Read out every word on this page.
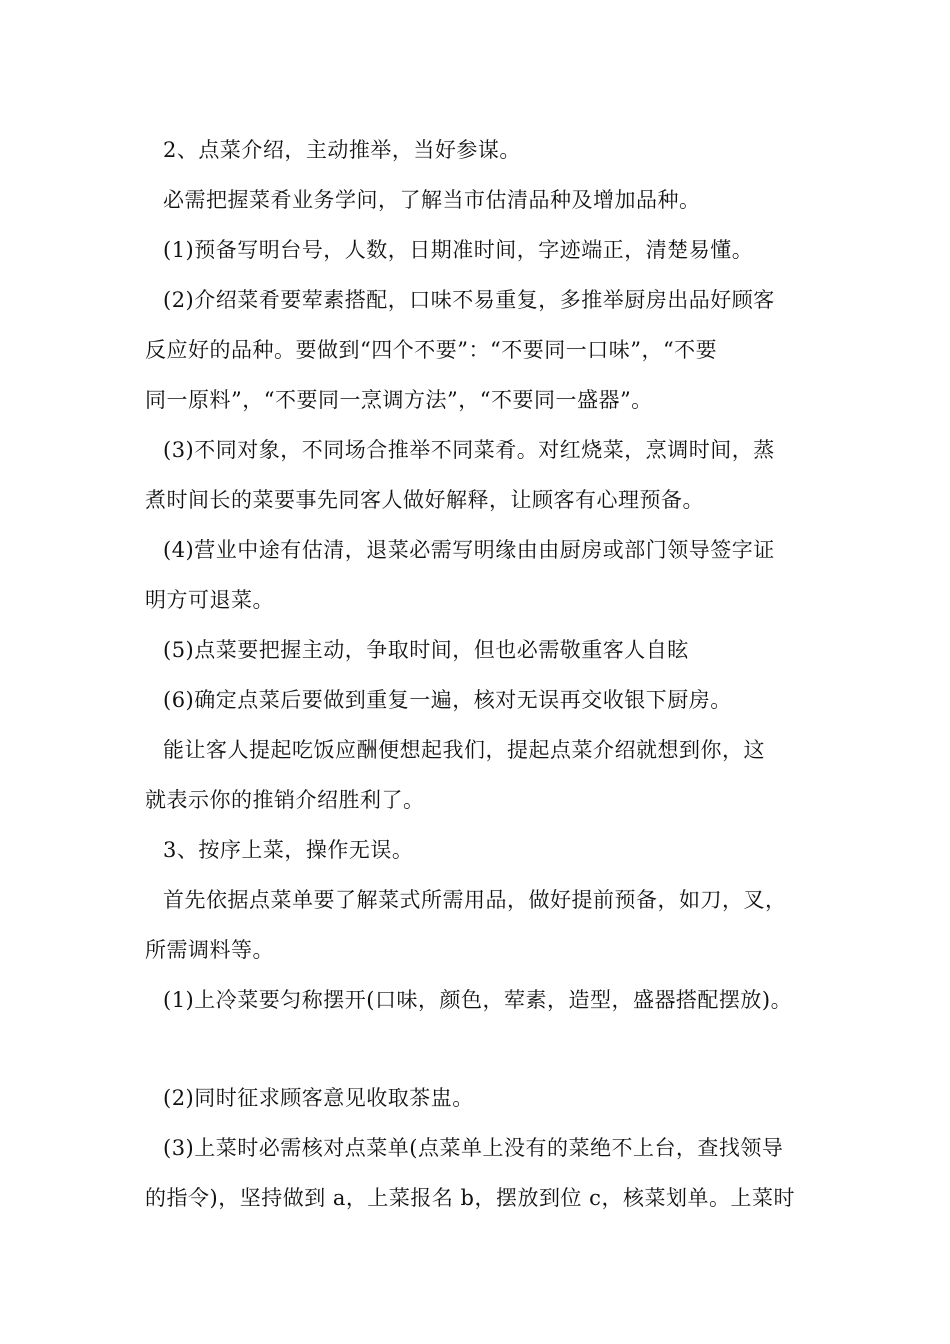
2、点菜介绍，主动推举，当好参谋。
必需把握菜肴业务学问，了解当市估清品种及增加品种。
(1)预备写明台号，人数，日期准时间，字迹端正，清楚易懂。
(2)介绍菜肴要荤素搭配，口味不易重复，多推举厨房出品好顾客
反应好的品种。要做到“四个不要”：“不要同一口味”，“不要
同一原料”，“不要同一烹调方法”，“不要同一盛器”。
(3)不同对象，不同场合推举不同菜肴。对红烧菜，烹调时间，蒸
煮时间长的菜要事先同客人做好解释，让顾客有心理预备。
(4)营业中途有估清，退菜必需写明缘由由厨房或部门领导签字证
明方可退菜。
(5)点菜要把握主动，争取时间，但也必需敬重客人自眩
(6)确定点菜后要做到重复一遍，核对无误再交收银下厨房。
能让客人提起吃饭应酬便想起我们，提起点菜介绍就想到你，这
就表示你的推销介绍胜利了。
3、按序上菜，操作无误。
首先依据点菜单要了解菜式所需用品，做好提前预备，如刀，叉，
所需调料等。
(1)上冷菜要匀称摆开(口味，颜色，荤素，造型，盛器搭配摆放)。
(2)同时征求顾客意见收取茶盅。
(3)上菜时必需核对点菜单(点菜单上没有的菜绝不上台，查找领导
的指令)，坚持做到 a，上菜报名 b，摆放到位 c，核菜划单。上菜时
